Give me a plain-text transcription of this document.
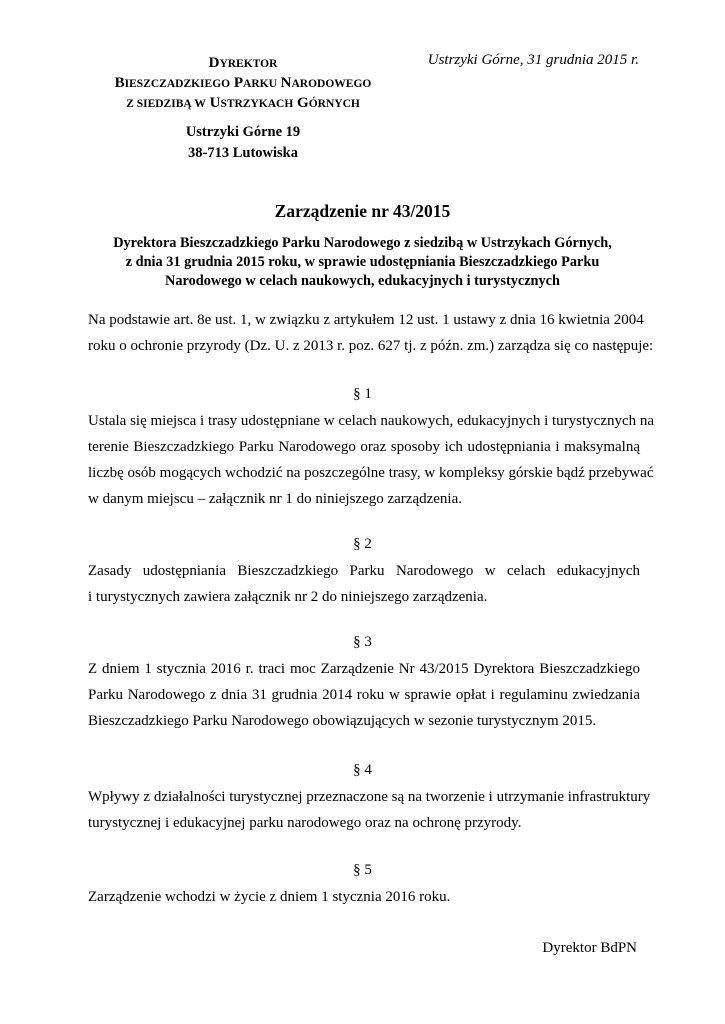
DYREKTOR
BIESZCZADZKIEGO PARKU NARODOWEGO
Z SIEDZIBĄ W USTRZYKACH GÓRNYCH
Ustrzyki Górne, 31 grudnia 2015 r.
Ustrzyki Górne 19
38-713 Lutowiska
Zarządzenie nr 43/2015
Dyrektora Bieszczadzkiego Parku Narodowego z siedzibą w Ustrzykach Górnych,
z dnia 31 grudnia 2015 roku, w sprawie udostępniania Bieszczadzkiego Parku
Narodowego w celach naukowych, edukacyjnych i turystycznych
Na podstawie art. 8e ust. 1, w związku z artykułem 12 ust. 1 ustawy z dnia 16 kwietnia 2004
roku o ochronie przyrody (Dz. U. z 2013 r. poz. 627 tj. z późn. zm.) zarządza się co następuje:
§ 1
Ustala się miejsca i trasy udostępniane w celach naukowych, edukacyjnych i turystycznych na
terenie Bieszczadzkiego Parku Narodowego oraz sposoby ich udostępniania i maksymalną
liczbę osób mogących wchodzić na poszczególne trasy, w kompleksy górskie bądź przebywać
w danym miejscu – załącznik nr 1 do niniejszego zarządzenia.
§ 2
Zasady udostępniania Bieszczadzkiego Parku Narodowego w celach edukacyjnych
i turystycznych zawiera załącznik nr 2 do niniejszego zarządzenia.
§ 3
Z dniem 1 stycznia 2016 r. traci moc Zarządzenie Nr 43/2015 Dyrektora Bieszczadzkiego
Parku Narodowego z dnia 31 grudnia 2014 roku w sprawie opłat i regulaminu zwiedzania
Bieszczadzkiego Parku Narodowego obowiązujących w sezonie turystycznym 2015.
§ 4
Wpływy z działalności turystycznej przeznaczone są na tworzenie i utrzymanie infrastruktury
turystycznej i edukacyjnej parku narodowego oraz na ochronę przyrody.
§ 5
Zarządzenie wchodzi w życie z dniem 1 stycznia 2016 roku.
Dyrektor BdPN
